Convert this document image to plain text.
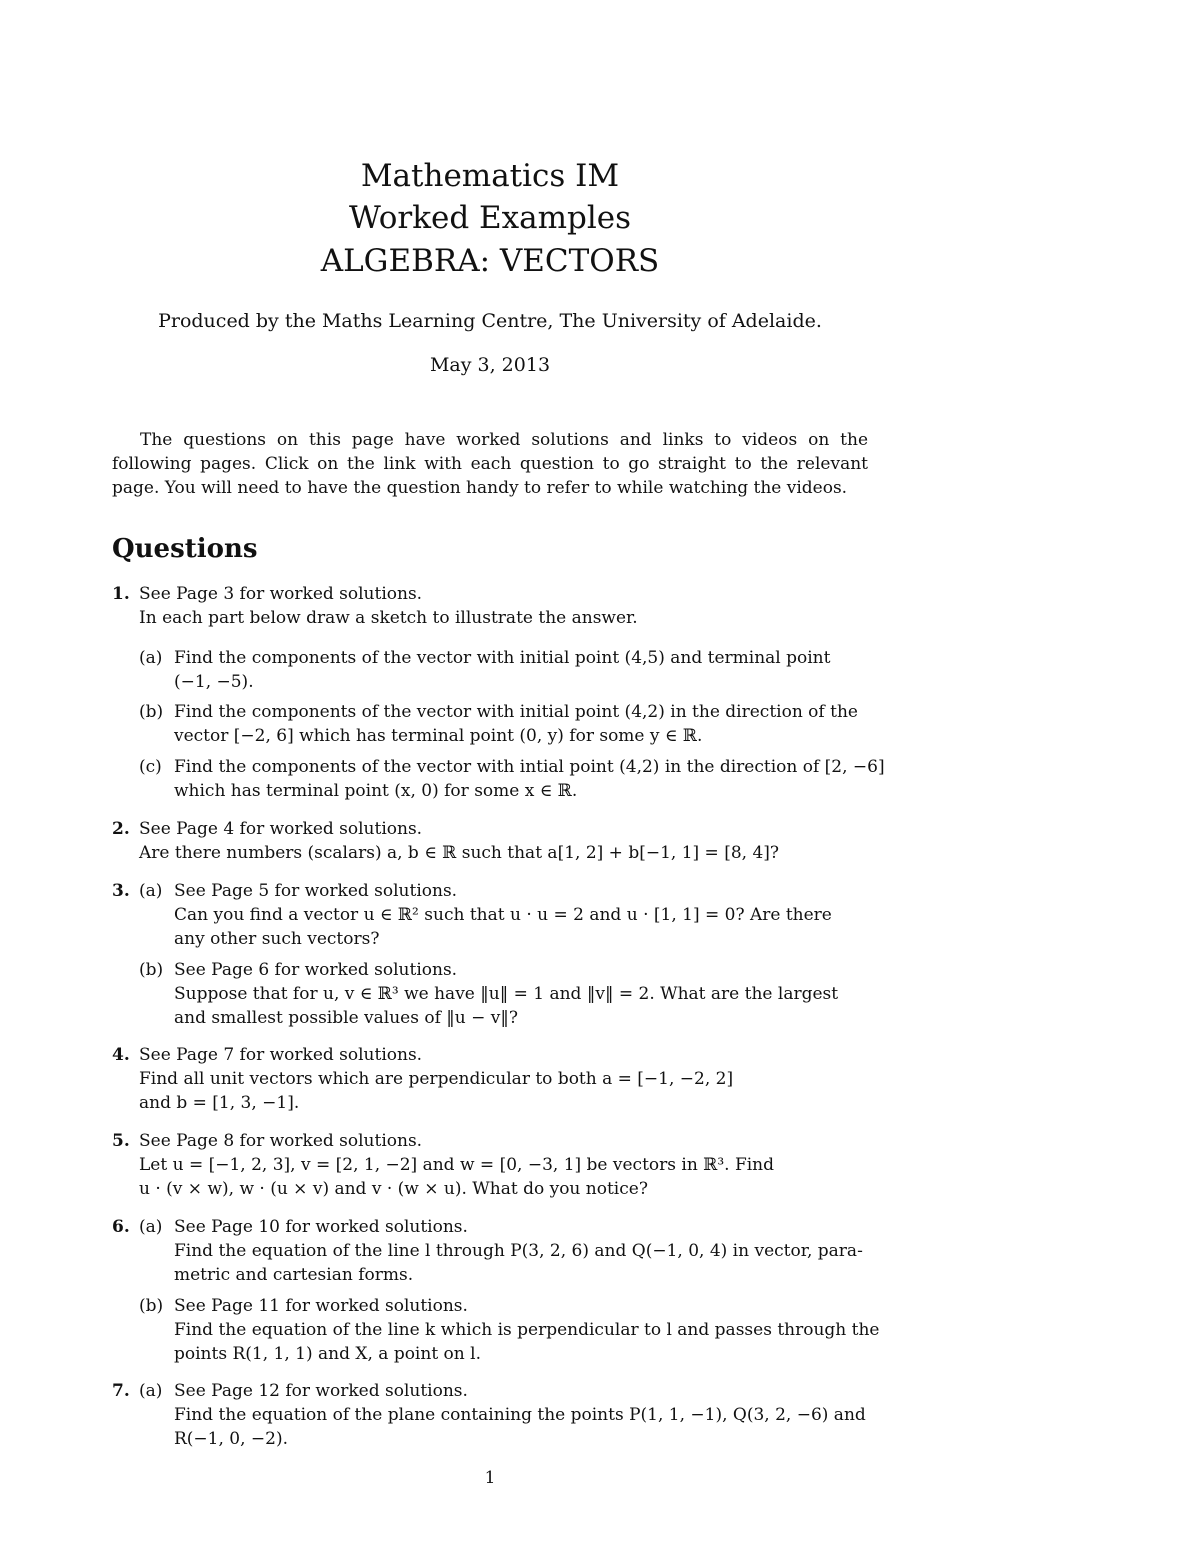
Mathematics IM
Worked Examples
ALGEBRA: VECTORS
Produced by the Maths Learning Centre, The University of Adelaide.
May 3, 2013
The questions on this page have worked solutions and links to videos on the following pages. Click on the link with each question to go straight to the relevant page. You will need to have the question handy to refer to while watching the videos.
Questions
1. See Page 3 for worked solutions.
In each part below draw a sketch to illustrate the answer.
(a) Find the components of the vector with initial point (4,5) and terminal point
(−1, −5).
(b) Find the components of the vector with initial point (4,2) in the direction of the
vector [−2, 6] which has terminal point (0, y) for some y ∈ ℝ.
(c) Find the components of the vector with intial point (4,2) in the direction of [2, −6]
which has terminal point (x, 0) for some x ∈ ℝ.
2. See Page 4 for worked solutions.
Are there numbers (scalars) a, b ∈ ℝ such that a[1, 2] + b[−1, 1] = [8, 4]?
3. (a) See Page 5 for worked solutions.
Can you find a vector u ∈ ℝ² such that u · u = 2 and u · [1, 1] = 0? Are there
any other such vectors?
(b) See Page 6 for worked solutions.
Suppose that for u, v ∈ ℝ³ we have ‖u‖ = 1 and ‖v‖ = 2. What are the largest
and smallest possible values of ‖u − v‖?
4. See Page 7 for worked solutions.
Find all unit vectors which are perpendicular to both a = [−1, −2, 2]
and b = [1, 3, −1].
5. See Page 8 for worked solutions.
Let u = [−1, 2, 3], v = [2, 1, −2] and w = [0, −3, 1] be vectors in ℝ³. Find
u · (v × w), w · (u × v) and v · (w × u). What do you notice?
6. (a) See Page 10 for worked solutions.
Find the equation of the line l through P(3, 2, 6) and Q(−1, 0, 4) in vector, para-
metric and cartesian forms.
(b) See Page 11 for worked solutions.
Find the equation of the line k which is perpendicular to l and passes through the
points R(1, 1, 1) and X, a point on l.
7. (a) See Page 12 for worked solutions.
Find the equation of the plane containing the points P(1, 1, −1), Q(3, 2, −6) and
R(−1, 0, −2).
1
